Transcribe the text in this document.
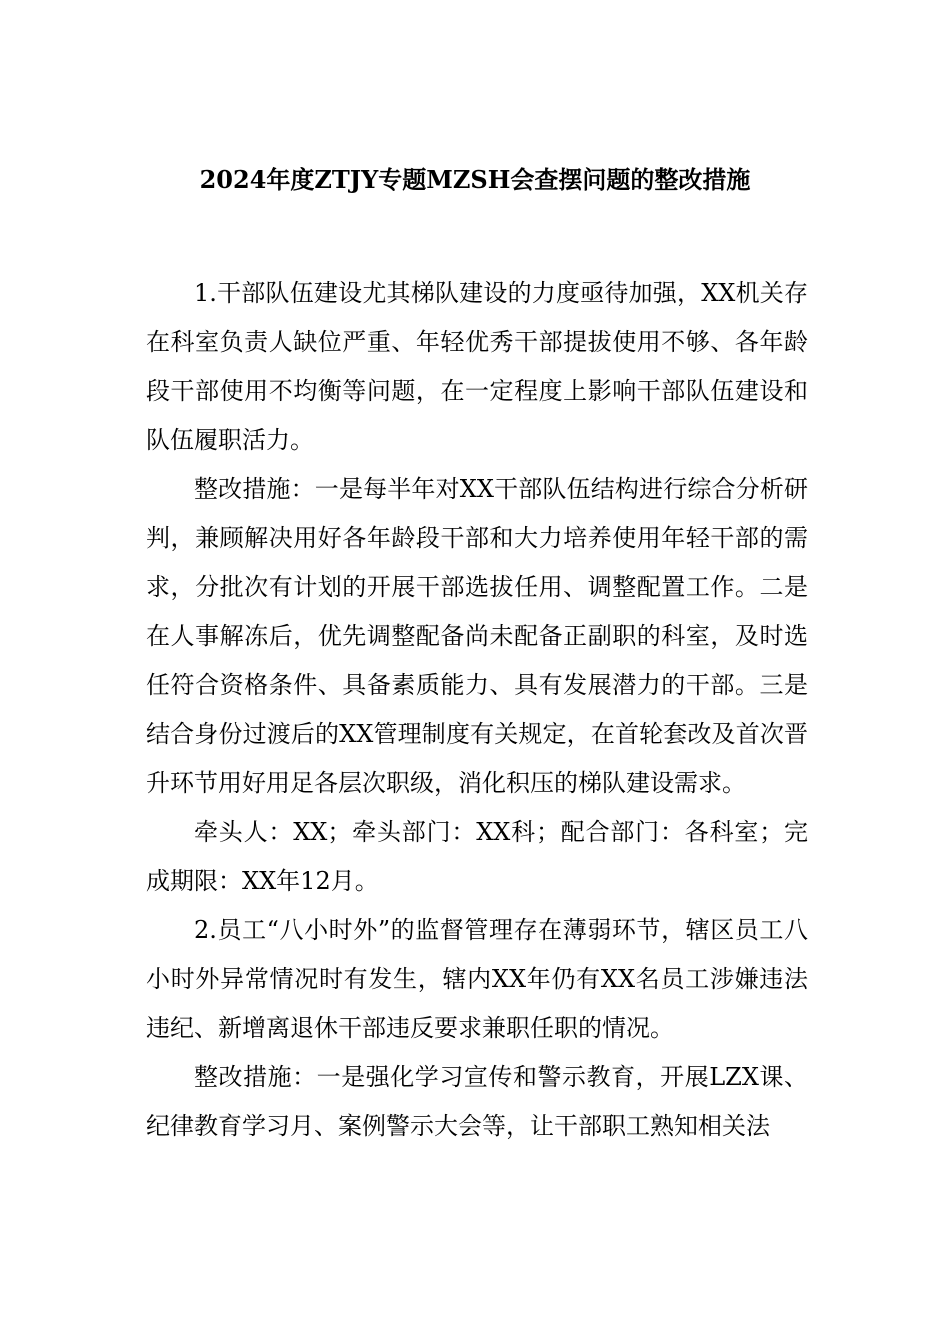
2024年度ZTJY专题MZSH会查摆问题的整改措施

1.干部队伍建设尤其梯队建设的力度亟待加强，XX机关存在科室负责人缺位严重、年轻优秀干部提拔使用不够、各年龄段干部使用不均衡等问题，在一定程度上影响干部队伍建设和队伍履职活力。

整改措施：一是每半年对XX干部队伍结构进行综合分析研判，兼顾解决用好各年龄段干部和大力培养使用年轻干部的需求，分批次有计划的开展干部选拔任用、调整配置工作。二是在人事解冻后，优先调整配备尚未配备正副职的科室，及时选任符合资格条件、具备素质能力、具有发展潜力的干部。三是结合身份过渡后的XX管理制度有关规定，在首轮套改及首次晋升环节用好用足各层次职级，消化积压的梯队建设需求。

牵头人：XX；牵头部门：XX科；配合部门：各科室；完成期限：XX年12月。

2.员工“八小时外”的监督管理存在薄弱环节，辖区员工八小时外异常情况时有发生，辖内XX年仍有XX名员工涉嫌违法违纪、新增离退休干部违反要求兼职任职的情况。

整改措施：一是强化学习宣传和警示教育，开展LZX课、纪律教育学习月、案例警示大会等，让干部职工熟知相关法
